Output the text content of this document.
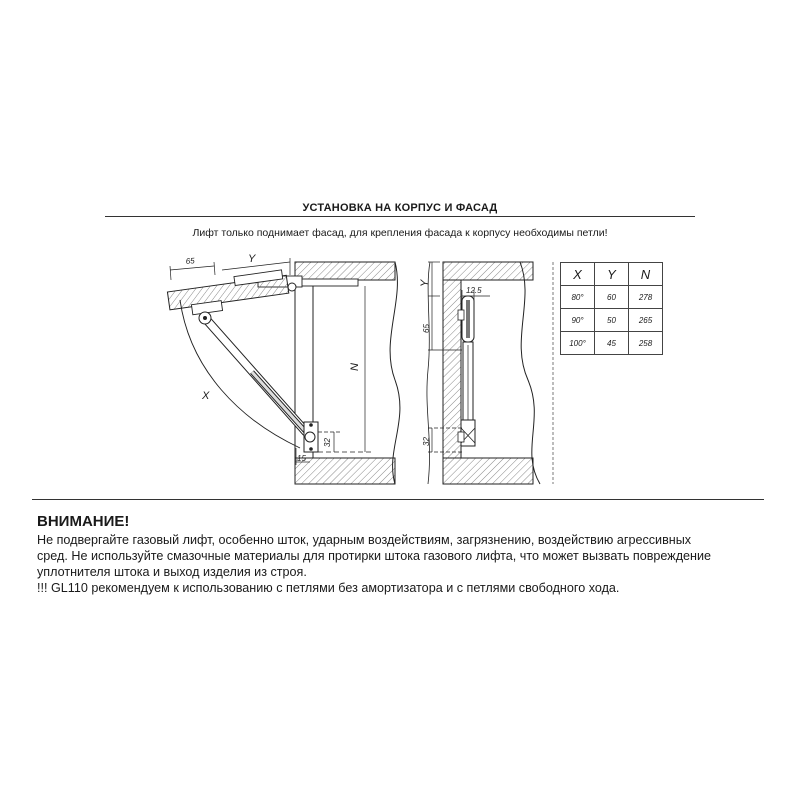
УСТАНОВКА НА КОРПУС И ФАСАД
Лифт только поднимает фасад, для крепления фасада к корпусу необходимы петли!
65	Y
X
N
32
15
Y
12.5
65
32
X	Y	N
80°	60	278
90°	50	265
100°	45	258
ВНИМАНИЕ!

Не подвергайте газовый лифт, особенно шток, ударным воздействиям, загрязнению, воздействию агрессивных

сред. Не используйте смазочные материалы для протирки штока газового лифта, что может вызвать повреждение

уплотнителя штока и выход изделия из строя.

!!! GL110 рекомендуем к использованию с петлями без амортизатора и с петлями свободного хода.
